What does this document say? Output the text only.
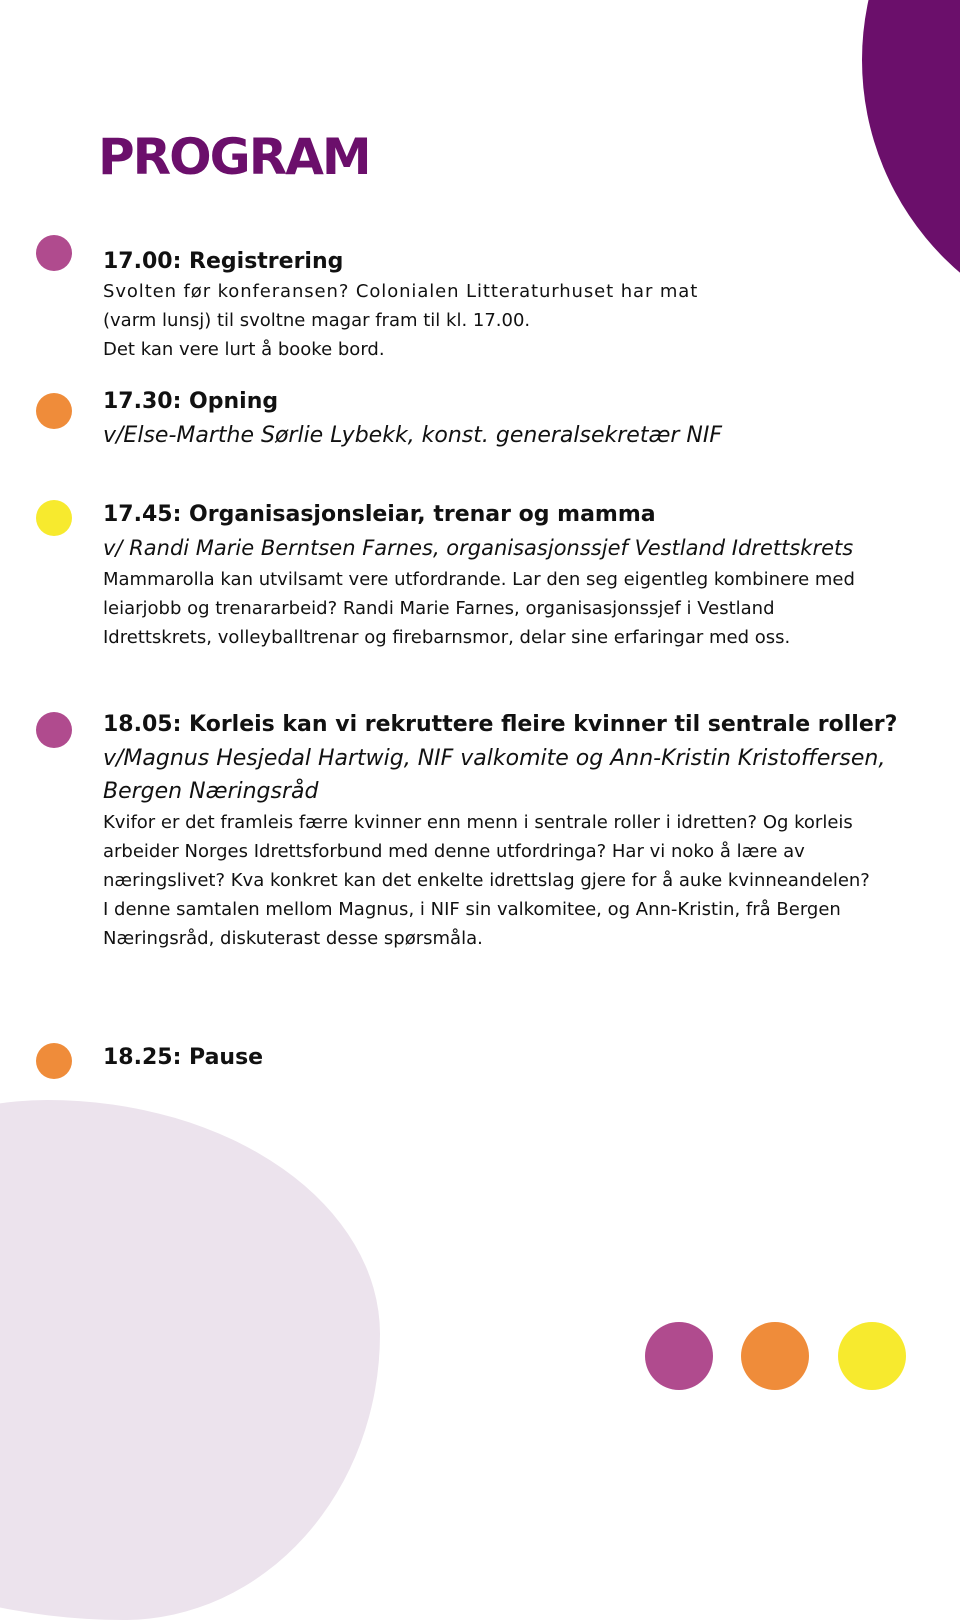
PROGRAM

17.00: Registrering

Svolten før konferansen? Colonialen Litteraturhuset har mat
(varm lunsj) til svoltne magar fram til kl. 17.00.
Det kan vere lurt å booke bord.

17.30: Opning

v/Else-Marthe Sørlie Lybekk, konst. generalsekretær NIF

17.45: Organisasjonsleiar, trenar og mamma

v/ Randi Marie Berntsen Farnes, organisasjonssjef Vestland Idrettskrets

Mammarolla kan utvilsamt vere utfordrande. Lar den seg eigentleg kombinere med
leiarjobb og trenararbeid? Randi Marie Farnes, organisasjonssjef i Vestland
Idrettskrets, volleyballtrenar og firebarnsmor, delar sine erfaringar med oss.

18.05: Korleis kan vi rekruttere fleire kvinner til sentrale roller?

v/Magnus Hesjedal Hartwig, NIF valkomite og Ann-Kristin Kristoffersen, Bergen Næringsråd

Kvifor er det framleis færre kvinner enn menn i sentrale roller i idretten? Og korleis
arbeider Norges Idrettsforbund med denne utfordringa? Har vi noko å lære av
næringslivet? Kva konkret kan det enkelte idrettslag gjere for å auke kvinneandelen?
I denne samtalen mellom Magnus, i NIF sin valkomitee, og Ann-Kristin, frå Bergen
Næringsråd, diskuterast desse spørsmåla.

18.25: Pause
